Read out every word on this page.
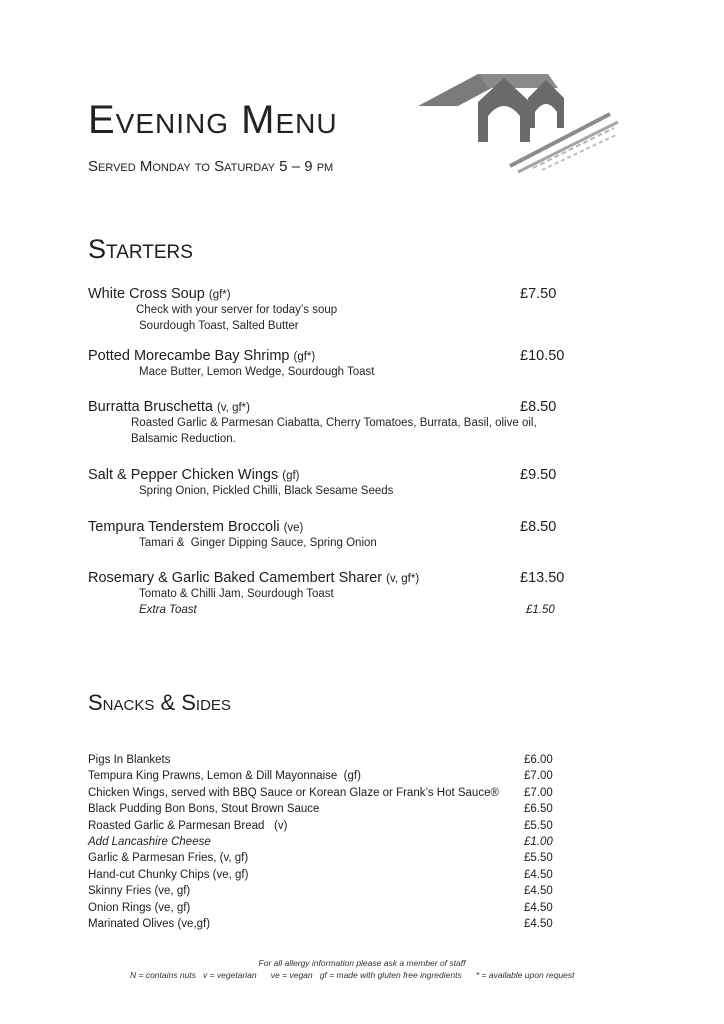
Evening Menu
Served Monday to Saturday 5 – 9 pm
Starters
White Cross Soup (gf*)	£7.50
Check with your server for today’s soup
Sourdough Toast, Salted Butter
Potted Morecambe Bay Shrimp (gf*)	£10.50
Mace Butter, Lemon Wedge, Sourdough Toast
Burratta Bruschetta (v, gf*)	£8.50
Roasted Garlic & Parmesan Ciabatta, Cherry Tomatoes, Burrata, Basil, olive oil,
Balsamic Reduction.
Salt & Pepper Chicken Wings (gf)	£9.50
Spring Onion, Pickled Chilli, Black Sesame Seeds
Tempura Tenderstem Broccoli (ve)	£8.50
Tamari &  Ginger Dipping Sauce, Spring Onion
Rosemary & Garlic Baked Camembert Sharer (v, gf*)	£13.50
Tomato & Chilli Jam, Sourdough Toast
Extra Toast	£1.50
Snacks & Sides
Pigs In Blankets	£6.00
Tempura King Prawns, Lemon & Dill Mayonnaise  (gf)	£7.00
Chicken Wings, served with BBQ Sauce or Korean Glaze or Frank’s Hot Sauce® £7.00
Black Pudding Bon Bons, Stout Brown Sauce	£6.50
Roasted Garlic & Parmesan Bread   (v)	£5.50
Add Lancashire Cheese	£1.00
Garlic & Parmesan Fries, (v, gf)	£5.50
Hand-cut Chunky Chips (ve, gf)	£4.50
Skinny Fries (ve, gf)	£4.50
Onion Rings (ve, gf)	£4.50
Marinated Olives (ve,gf)	£4.50
For all allergy information please ask a member of staff
N = contains nuts   v = vegetarian      ve = vegan   gf = made with gluten free ingredients      * = available upon request
